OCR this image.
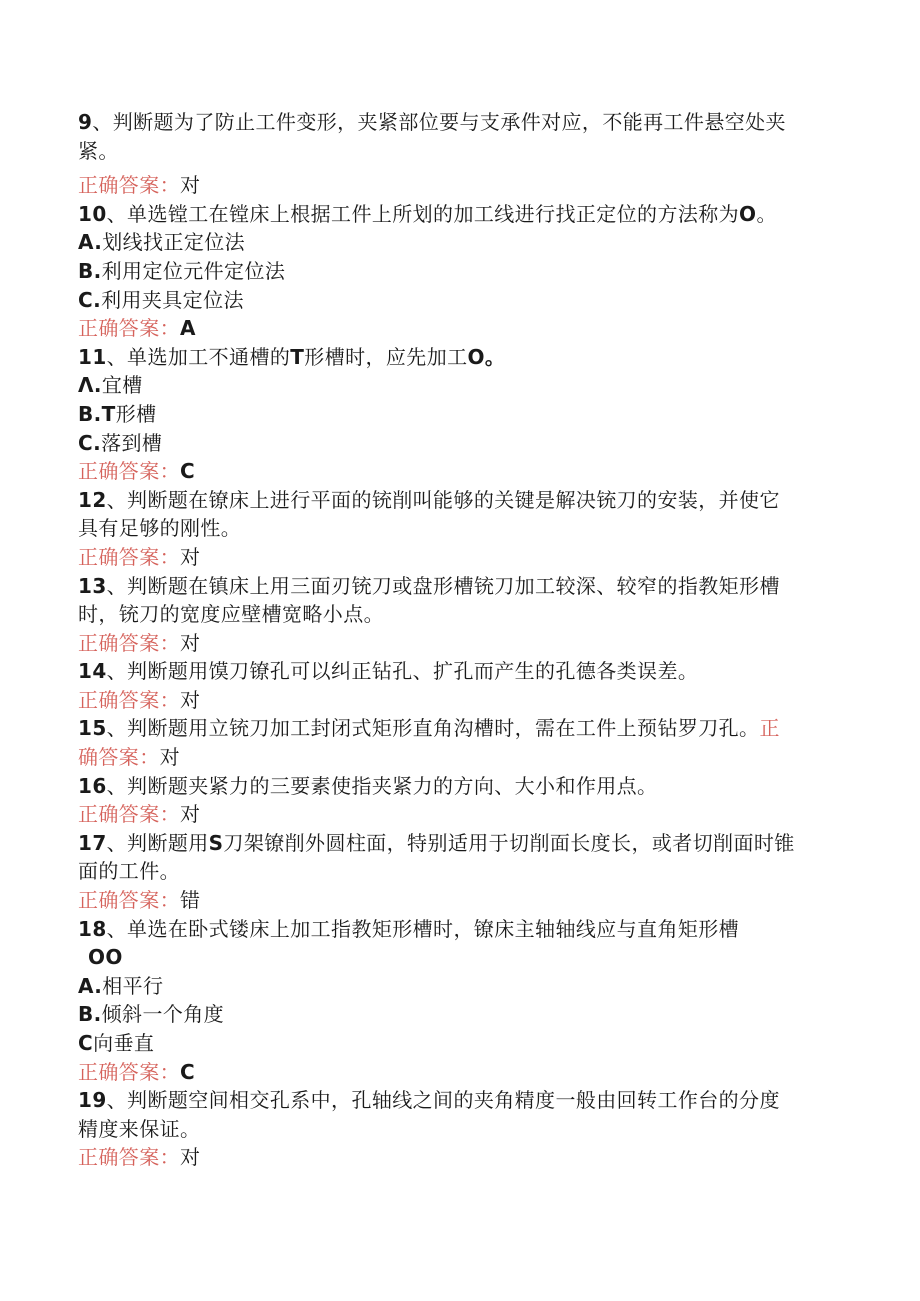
9、判断题为了防止工件变形，夹紧部位要与支承件对应，不能再工件悬空处夹
紧。
正确答案：对
10、单选镗工在镗床上根据工件上所划的加工线进行找正定位的方法称为O。
A.划线找正定位法
B.利用定位元件定位法
C.利用夹具定位法
正确答案：A
11、单选加工不通槽的T形槽时，应先加工O。
Λ.宜槽
B.T形槽
C.落到槽
正确答案：C
12、判断题在镣床上进行平面的铳削叫能够的关键是解决铳刀的安装，并使它
具有足够的刚性。
正确答案：对
13、判断题在镇床上用三面刃铳刀或盘形槽铳刀加工较深、较窄的指教矩形槽
时，铳刀的宽度应壁槽宽略小点。
正确答案：对
14、判断题用馍刀镣孔可以纠正钻孔、扩孔而产生的孔德各类误差。
正确答案：对
15、判断题用立铳刀加工封闭式矩形直角沟槽时，需在工件上预钻罗刀孔。正
确答案：对
16、判断题夹紧力的三要素使指夹紧力的方向、大小和作用点。
正确答案：对
17、判断题用S刀架镣削外圆柱面，特别适用于切削面长度长，或者切削面时锥
面的工件。
正确答案：错
18、单选在卧式镂床上加工指教矩形槽时，镣床主轴轴线应与直角矩形槽
OO
A.相平行
B.倾斜一个角度
C向垂直
正确答案：C
19、判断题空间相交孔系中，孔轴线之间的夹角精度一般由回转工作台的分度
精度来保证。
正确答案：对
